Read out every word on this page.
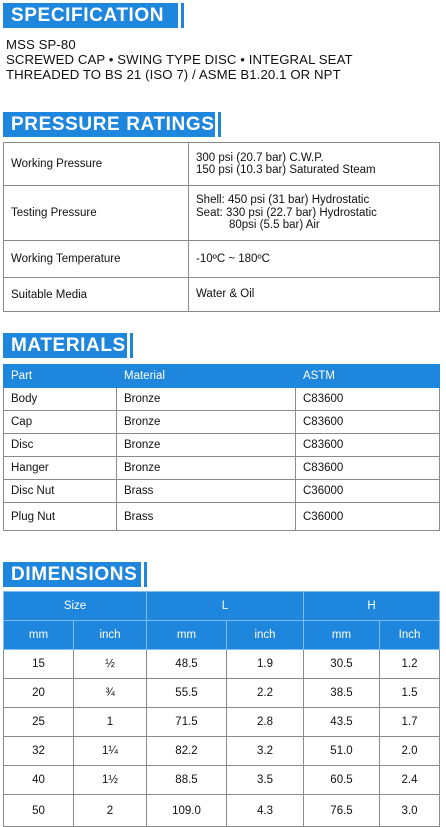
SPECIFICATION
MSS SP-80
SCREWED CAP • SWING TYPE DISC • INTEGRAL SEAT
THREADED TO BS 21 (ISO 7) / ASME B1.20.1 OR NPT
PRESSURE RATINGS
Working Pressure	300 psi (20.7 bar) C.W.P.
150 psi (10.3 bar) Saturated Steam

Testing Pressure	Shell: 450 psi (31 bar) Hydrostatic
Seat: 330 psi (22.7 bar) Hydrostatic
80psi (5.5 bar) Air

Working Temperature	-10ºC ~ 180ºC

Suitable Media	Water & Oil
MATERIALS
Part	Material	ASTM
Body	Bronze	C83600
Cap	Bronze	C83600
Disc	Bronze	C83600
Hanger	Bronze	C83600
Disc Nut	Brass	C36000
Plug Nut	Brass	C36000
DIMENSIONS
Size		L		H	
mm	inch	mm	inch	mm	Inch
15	½	48.5	1.9	30.5	1.2
20	¾	55.5	2.2	38.5	1.5
25	1	71.5	2.8	43.5	1.7
32	1¼	82.2	3.2	51.0	2.0
40	1½	88.5	3.5	60.5	2.4
50	2	109.0	4.3	76.5	3.0
